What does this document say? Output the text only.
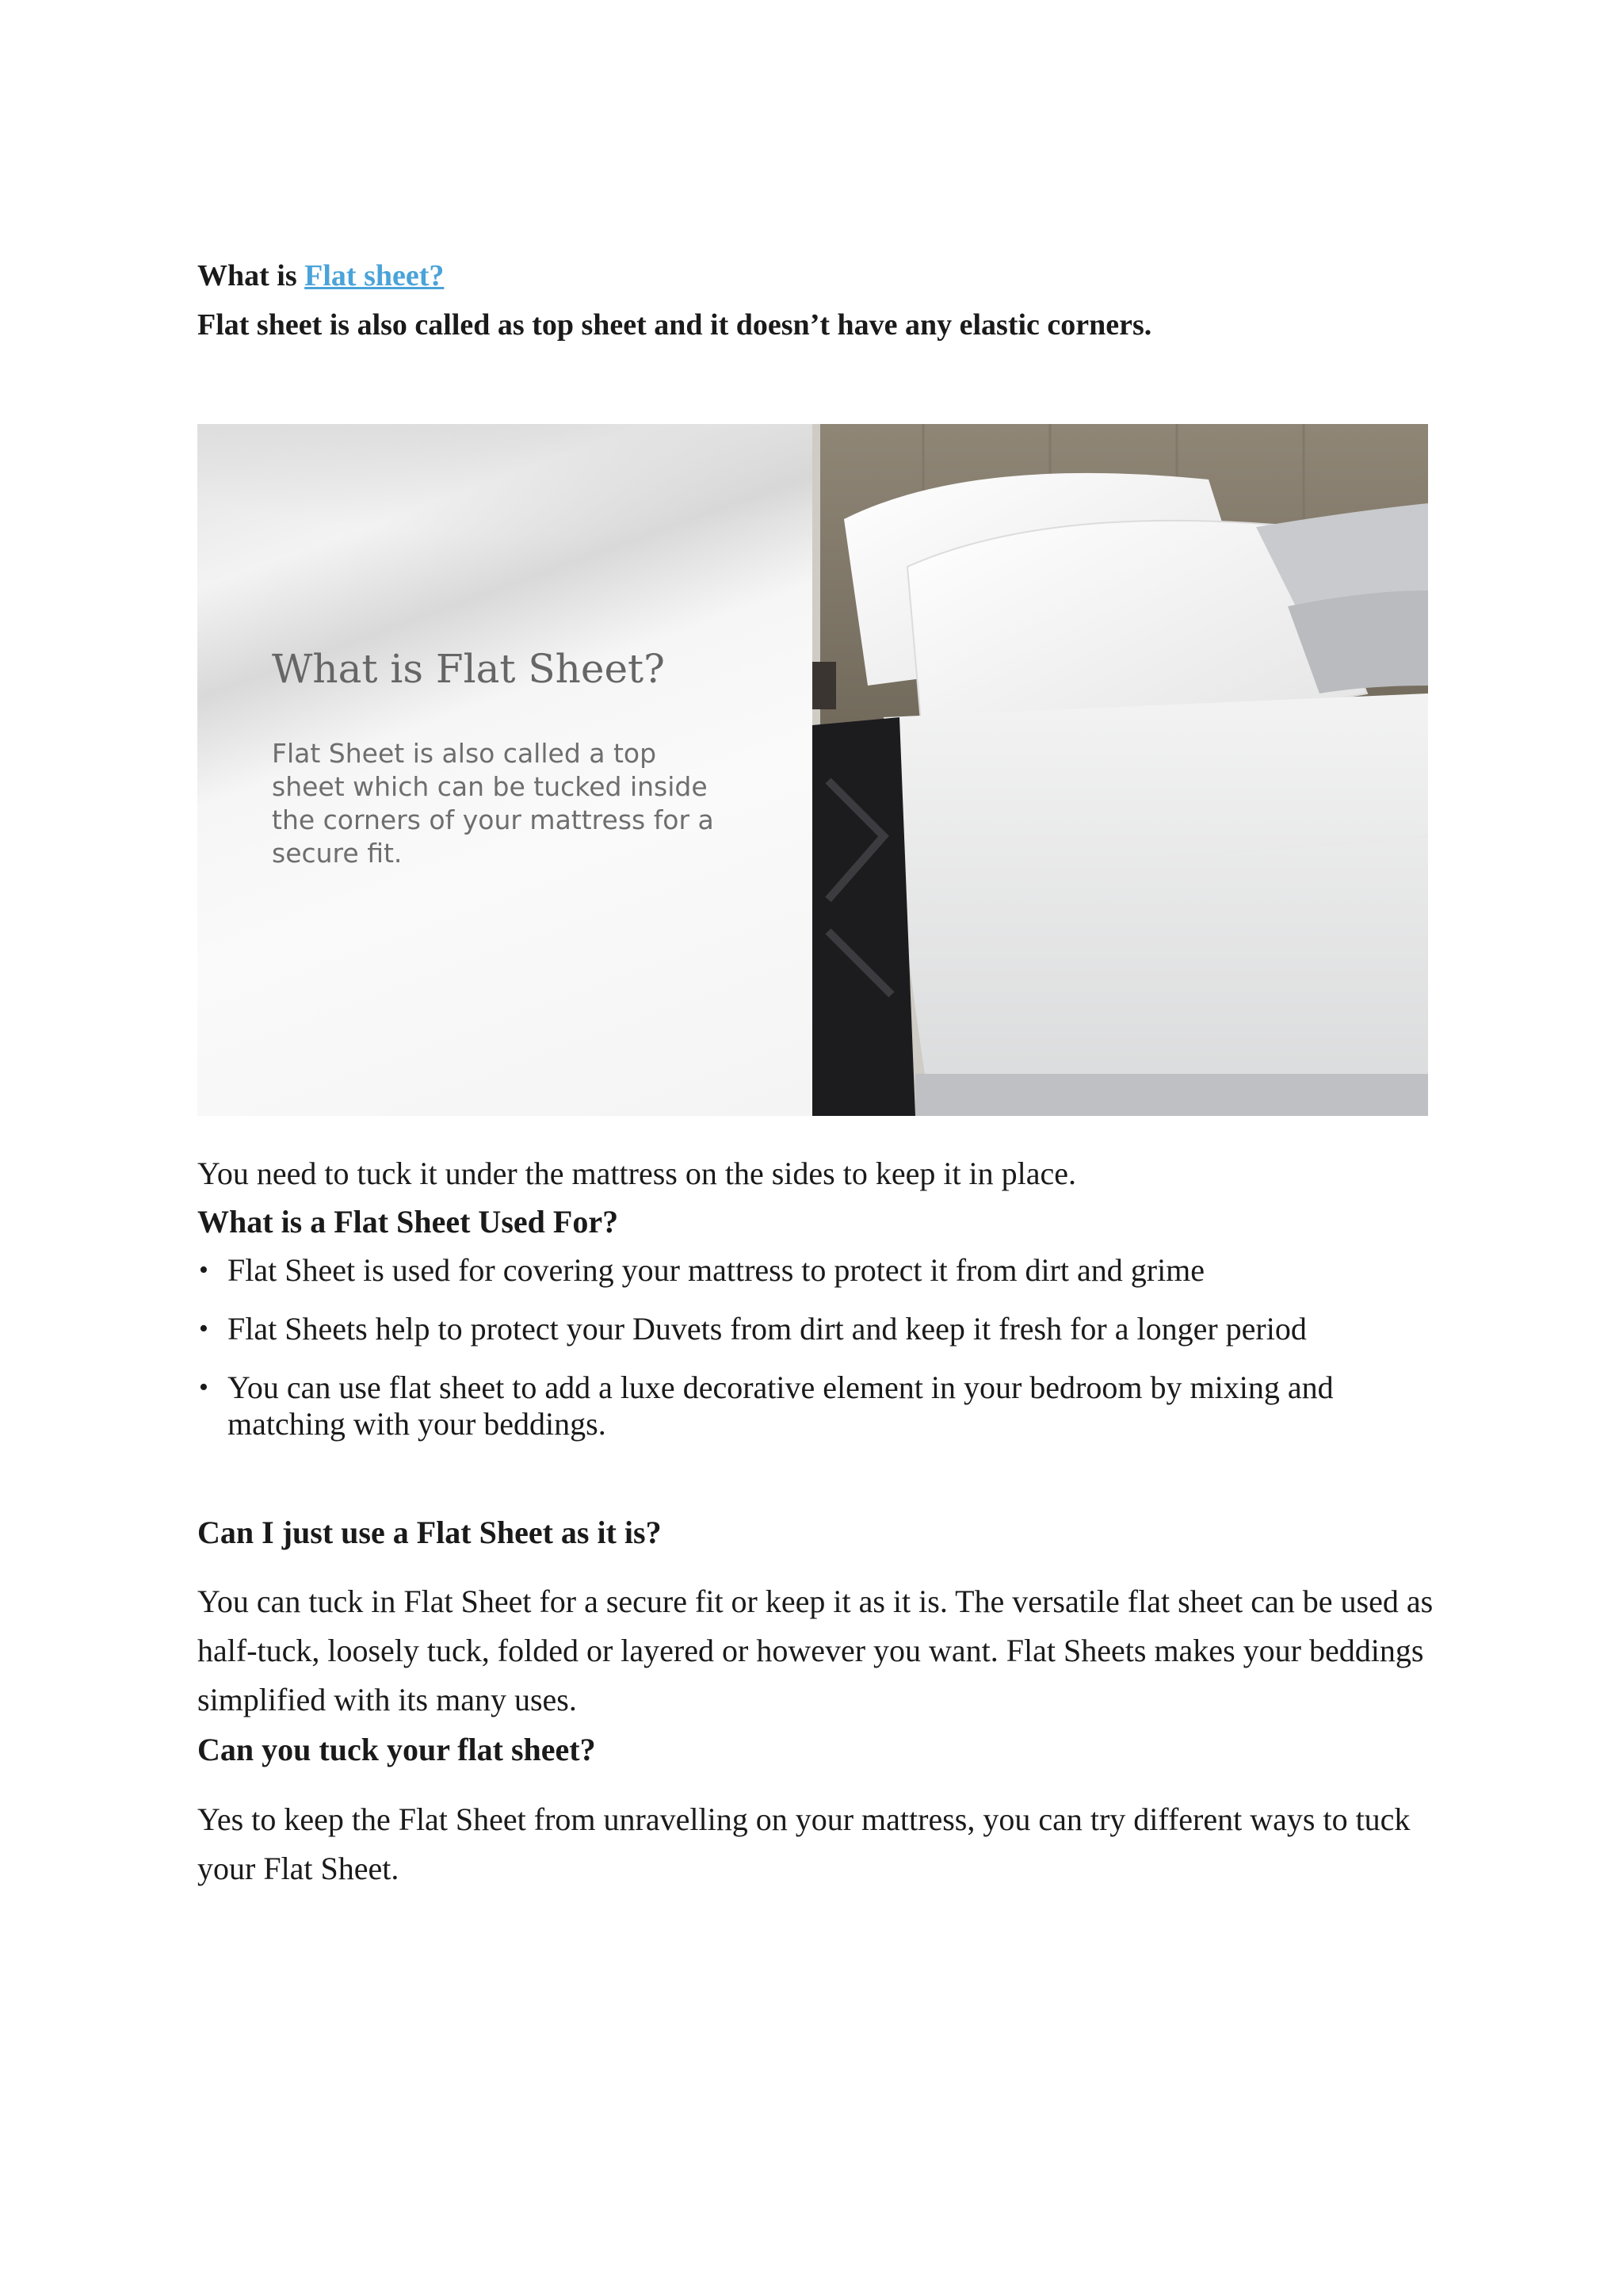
What is Flat sheet?
Flat sheet is also called as top sheet and it doesn’t have any elastic corners.
What is Flat Sheet?
Flat Sheet is also called a top sheet which can be tucked inside the corners of your mattress for a secure fit.
You need to tuck it under the mattress on the sides to keep it in place.
What is a Flat Sheet Used For?
• Flat Sheet is used for covering your mattress to protect it from dirt and grime
• Flat Sheets help to protect your Duvets from dirt and keep it fresh for a longer period
• You can use flat sheet to add a luxe decorative element in your bedroom by mixing and matching with your beddings.
Can I just use a Flat Sheet as it is?
You can tuck in Flat Sheet for a secure fit or keep it as it is. The versatile flat sheet can be used as half-tuck, loosely tuck, folded or layered or however you want. Flat Sheets makes your beddings simplified with its many uses.
Can you tuck your flat sheet?
Yes to keep the Flat Sheet from unravelling on your mattress, you can try different ways to tuck your Flat Sheet.
